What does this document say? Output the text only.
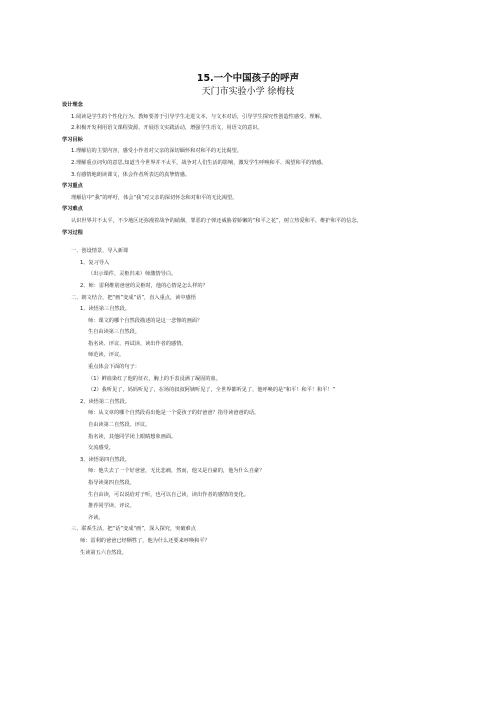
15.一个中国孩子的呼声
天门市实验小学 徐梅枝
设计理念
1.阅读是学生的个性化行为。教师要善于引导学生走进文本，与文本对话，引导学生探究性创造性感受、理解。
2.积极开发利用语文课程资源，开展语文实践活动，增强学生语文、用语文的意识。
学习目标
1.理解信的主要内容，感受小作者对父亲的深切缅怀和对和平的无比渴望。
2.理解重点词句的意思,知道当今世界并不太平，战争对人们生活的影响，激发学生呼唤和平、渴望和平的情感。
3.有感情地朗读课文，体会作者所表达的真挚情感。
学习重点
理解信中“我”的呼吁，体会“我”对父亲的深切怀念和对和平的无比渴望。
学习难点
认识世界并不太平，不少地区还弥漫着战争的硝烟，罪恶的子弹还威胁着娇嫩的“和平之花”，树立热爱和平，维护和平的信念。
学习过程
一、创设情景，导入新课
1、复习导入
（出示课件，灵柩归来）师激情导白。
2、师：雷利维别爸爸的灵柩时，他的心情是怎么样的？
二、朗文结合，把“画”变成“话”，直入重点，读中感悟
1、读悟第三自然段。
师：课文的哪个自然段描述的是这一悲惨的画面？
生自由读第三自然段。
指名读、评议、再试读、读出作者的感情。
师范读、评议。
重点体会下面的句子：
（1）鲜血染红了他的征衣，胸上的手表浸满了凝固的血。
（2）我听见了，妈妈听见了，在场的叔叔阿姨听见了，全世界都听见了，他呼唤的是“和平！和平！和平！”
2、读悟第二自然段。
师：从文章的哪个自然段看出他是一个爱孩子的好爸爸？指导读爸爸的话。
自由读第二自然段、评议。
指名读，其他同学闭上眼睛想象画面。
交流感受。
3、读悟第四自然段。
师：他失去了一个好爸爸，无比悲痛，然而，他又是自豪的，他为什么自豪？
指导读第四自然段。
生自由读，可以说给对子听，也可以自己读，读出作者的感情的变化。
推荐同学读、评议。
齐读。
三、联系生活，把“话”变成“画”，深入探究，突破难点
师：雷利的爸爸已经牺牲了，他为什么还要来呼唤和平？
生读第五六自然段。
